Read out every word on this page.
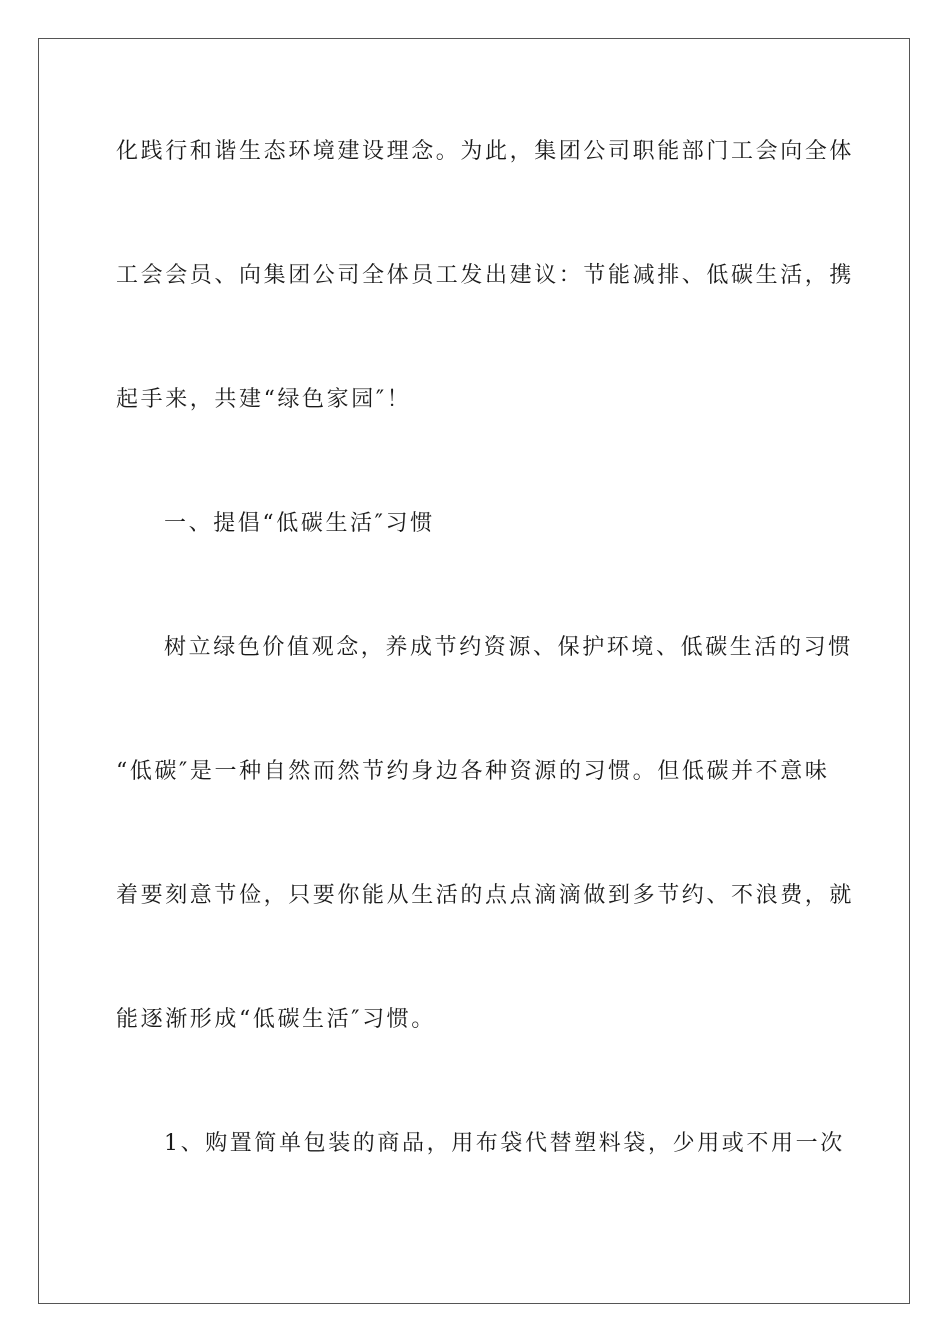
化践行和谐生态环境建设理念。为此，集团公司职能部门工会向全体
工会会员、向集团公司全体员工发出建议：节能减排、低碳生活，携
起手来，共建“绿色家园″！
一、提倡“低碳生活″习惯
树立绿色价值观念，养成节约资源、保护环境、低碳生活的习惯
“低碳″是一种自然而然节约身边各种资源的习惯。但低碳并不意味
着要刻意节俭，只要你能从生活的点点滴滴做到多节约、不浪费，就
能逐渐形成“低碳生活″习惯。
1、购置简单包装的商品，用布袋代替塑料袋，少用或不用一次
